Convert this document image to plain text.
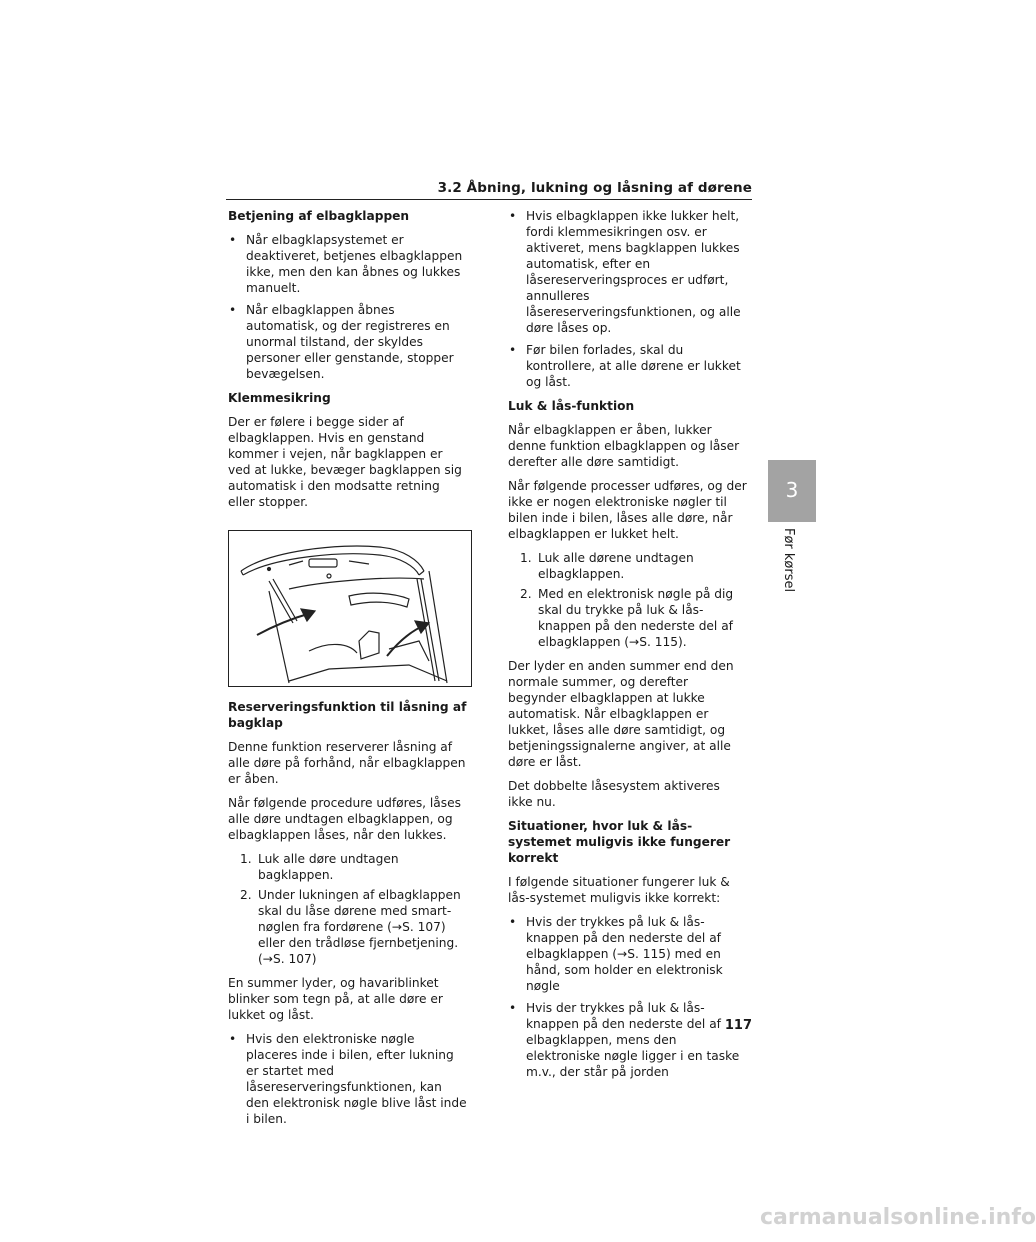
3.2 Åbning, lukning og låsning af dørene
Betjening af elbagklappen
• Når elbagklapsystemet er deaktiveret, betjenes elbagklappen ikke, men den kan åbnes og lukkes manuelt.
• Når elbagklappen åbnes automatisk, og der registreres en unormal tilstand, der skyldes personer eller genstande, stopper bevægelsen.
Klemmesikring
Der er følere i begge sider af elbagklappen. Hvis en genstand kommer i vejen, når bagklappen er ved at lukke, bevæger bagklappen sig automatisk i den modsatte retning eller stopper.
Reserveringsfunktion til låsning af bagklap
Denne funktion reserverer låsning af alle døre på forhånd, når elbagklappen er åben.
Når følgende procedure udføres, låses alle døre undtagen elbagklappen, og elbagklappen låses, når den lukkes.
1. Luk alle døre undtagen bagklappen.
2. Under lukningen af elbagklappen skal du låse dørene med smart-nøglen fra fordørene (→S. 107) eller den trådløse fjernbetjening. (→S. 107)
En summer lyder, og havariblinket blinker som tegn på, at alle døre er lukket og låst.
• Hvis den elektroniske nøgle placeres inde i bilen, efter lukning er startet med låsereserveringsfunktionen, kan den elektronisk nøgle blive låst inde i bilen.
• Hvis elbagklappen ikke lukker helt, fordi klemmesikringen osv. er aktiveret, mens bagklappen lukkes automatisk, efter en låsereserveringsproces er udført, annulleres låsereserveringsfunktionen, og alle døre låses op.
• Før bilen forlades, skal du kontrollere, at alle dørene er lukket og låst.
Luk & lås-funktion
Når elbagklappen er åben, lukker denne funktion elbagklappen og låser derefter alle døre samtidigt.
Når følgende processer udføres, og der ikke er nogen elektroniske nøgler til bilen inde i bilen, låses alle døre, når elbagklappen er lukket helt.
1. Luk alle dørene undtagen elbagklappen.
2. Med en elektronisk nøgle på dig skal du trykke på luk & lås-knappen på den nederste del af elbagklappen (→S. 115).
Der lyder en anden summer end den normale summer, og derefter begynder elbagklappen at lukke automatisk. Når elbagklappen er lukket, låses alle døre samtidigt, og betjeningssignalerne angiver, at alle døre er låst.
Det dobbelte låsesystem aktiveres ikke nu.
Situationer, hvor luk & lås-systemet muligvis ikke fungerer korrekt
I følgende situationer fungerer luk & lås-systemet muligvis ikke korrekt:
• Hvis der trykkes på luk & lås-knappen på den nederste del af elbagklappen (→S. 115) med en hånd, som holder en elektronisk nøgle
• Hvis der trykkes på luk & lås-knappen på den nederste del af elbagklappen, mens den elektroniske nøgle ligger i en taske m.v., der står på jorden
3
Før kørsel
117
carmanualsonline.info
